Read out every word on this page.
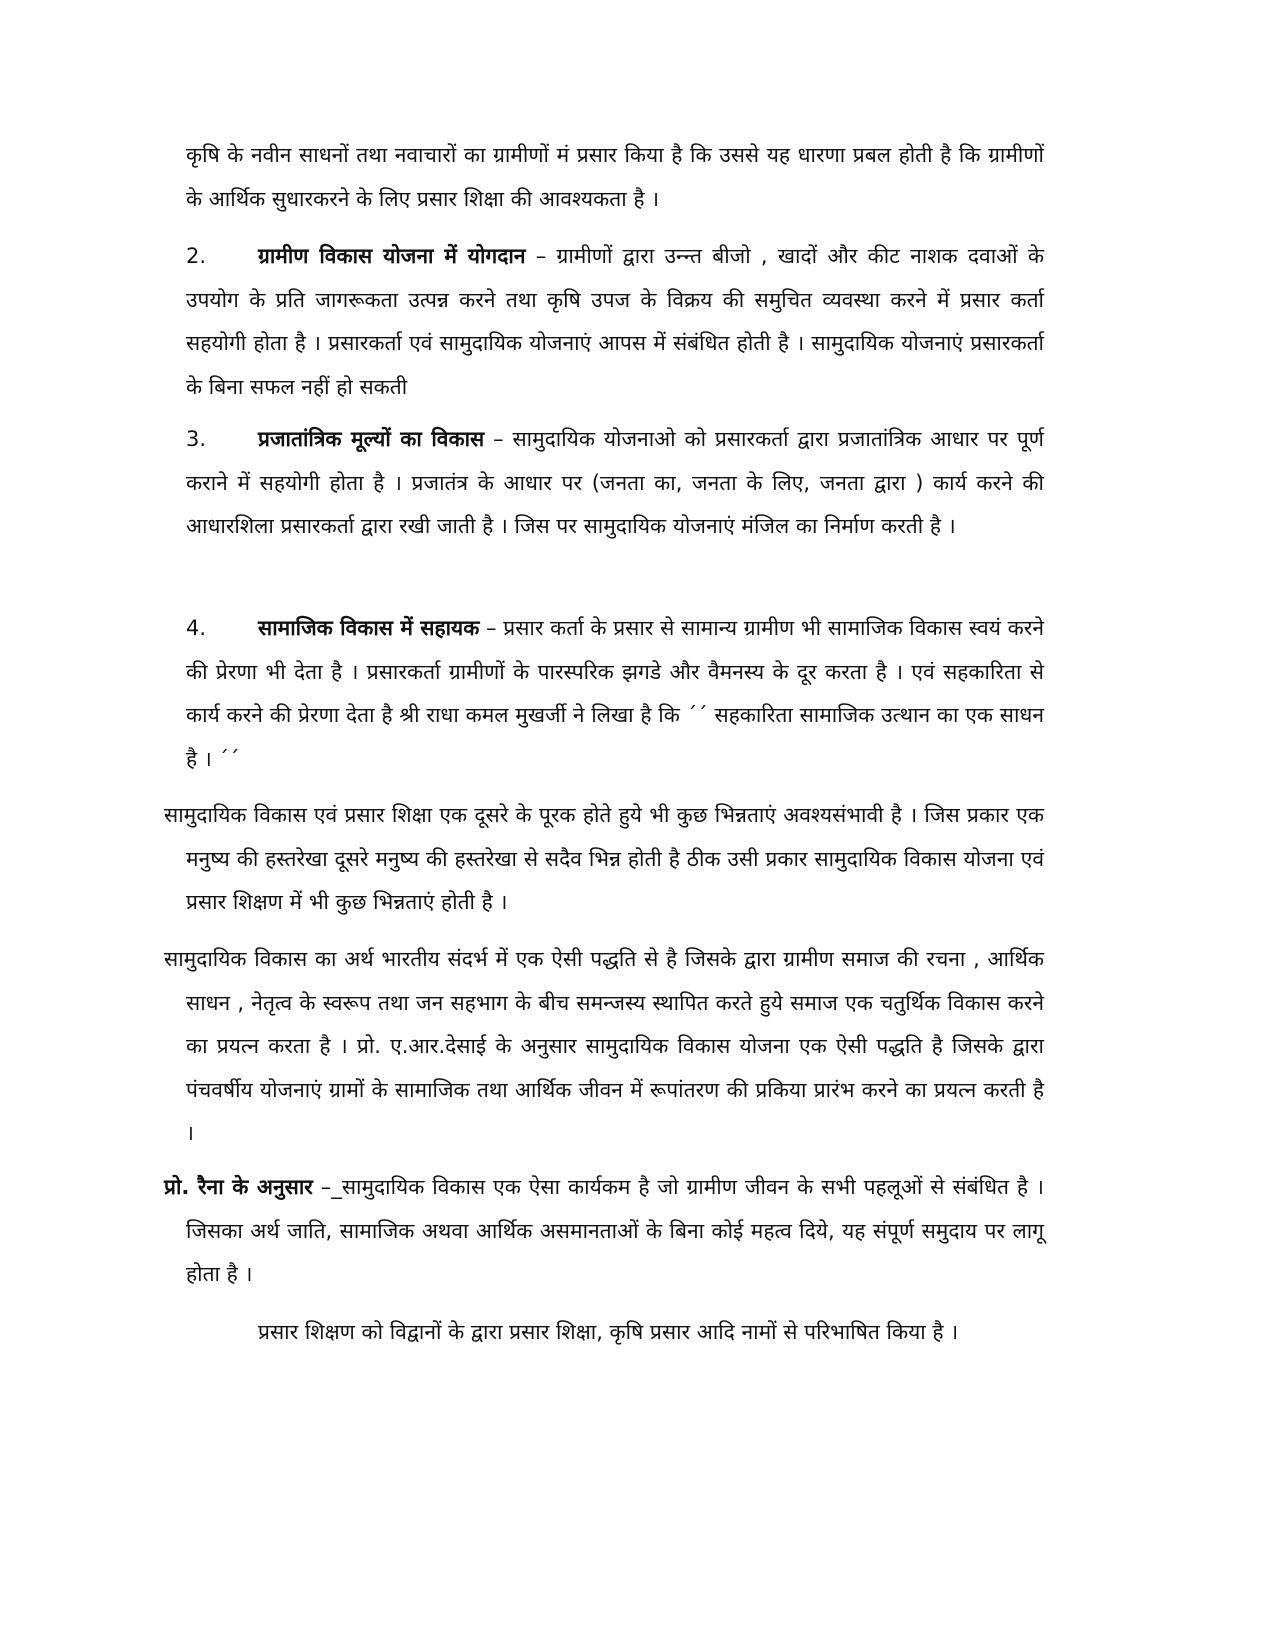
कृषि के नवीन साधनों तथा नवाचारों का ग्रामीणों मं प्रसार किया है कि उससे यह धारणा प्रबल होती है कि ग्रामीणों के आर्थिक सुधारकरने के लिए प्रसार शिक्षा की आवश्यकता है ।

2. ग्रामीण विकास योजना में योगदान – ग्रामीणों द्वारा उन्न्त बीजो , खादों और कीट नाशक दवाओं के उपयोग के प्रति जागरूकता उत्पन्न करने तथा कृषि उपज के विक्रय की समुचित व्यवस्था करने में प्रसार कर्ता सहयोगी होता है । प्रसारकर्ता एवं सामुदायिक योजनाएं आपस में संबंधित होती है । सामुदायिक योजनाएं प्रसारकर्ता के बिना सफल नहीं हो सकती

3. प्रजातांत्रिक मूल्यों का विकास – सामुदायिक योजनाओ को प्रसारकर्ता द्वारा प्रजातांत्रिक आधार पर पूर्ण कराने में सहयोगी होता है । प्रजातंत्र के आधार पर (जनता का, जनता के लिए, जनता द्वारा ) कार्य करने की आधारशिला प्रसारकर्ता द्वारा रखी जाती है । जिस पर सामुदायिक योजनाएं मंजिल का निर्माण करती है ।

4. सामाजिक विकास में सहायक – प्रसार कर्ता के प्रसार से सामान्य ग्रामीण भी सामाजिक विकास स्वयं करने की प्रेरणा भी देता है । प्रसारकर्ता ग्रामीणों के पारस्परिक झगडे और वैमनस्य के दूर करता है । एवं सहकारिता से कार्य करने की प्रेरणा देता है श्री राधा कमल मुखर्जी ने लिखा है कि ´´ सहकारिता सामाजिक उत्थान का एक साधन है । ´´

सामुदायिक विकास एवं प्रसार शिक्षा एक दूसरे के पूरक होते हुये भी कुछ भिन्नताएं अवश्यसंभावी है । जिस प्रकार एक मनुष्य की हस्तरेखा दूसरे मनुष्य की हस्तरेखा से सदैव भिन्न होती है ठीक उसी प्रकार सामुदायिक विकास योजना एवं प्रसार शिक्षण में भी कुछ भिन्नताएं होती है ।

सामुदायिक विकास का अर्थ भारतीय संदर्भ में एक ऐसी पद्धति से है जिसके द्वारा ग्रामीण समाज की रचना , आर्थिक साधन , नेतृत्व के स्वरूप तथा जन सहभाग के बीच समन्जस्य स्थापित करते हुये समाज एक चतुर्थिक विकास करने का प्रयत्न करता है । प्रो. ए.आर.देसाई के अनुसार सामुदायिक विकास योजना एक ऐसी पद्धति है जिसके द्वारा पंचवर्षीय योजनाएं ग्रामों के सामाजिक तथा आर्थिक जीवन में रूपांतरण की प्रकिया प्रारंभ करने का प्रयत्न करती है ।

प्रो. रैना के अनुसार –_सामुदायिक विकास एक ऐसा कार्यकम है जो ग्रामीण जीवन के सभी पहलूओं से संबंधित है । जिसका अर्थ जाति, सामाजिक अथवा आर्थिक असमानताओं के बिना कोई महत्व दिये, यह संपूर्ण समुदाय पर लागू होता है ।

प्रसार शिक्षण को विद्वानों के द्वारा प्रसार शिक्षा, कृषि प्रसार आदि नामों से परिभाषित किया है ।
